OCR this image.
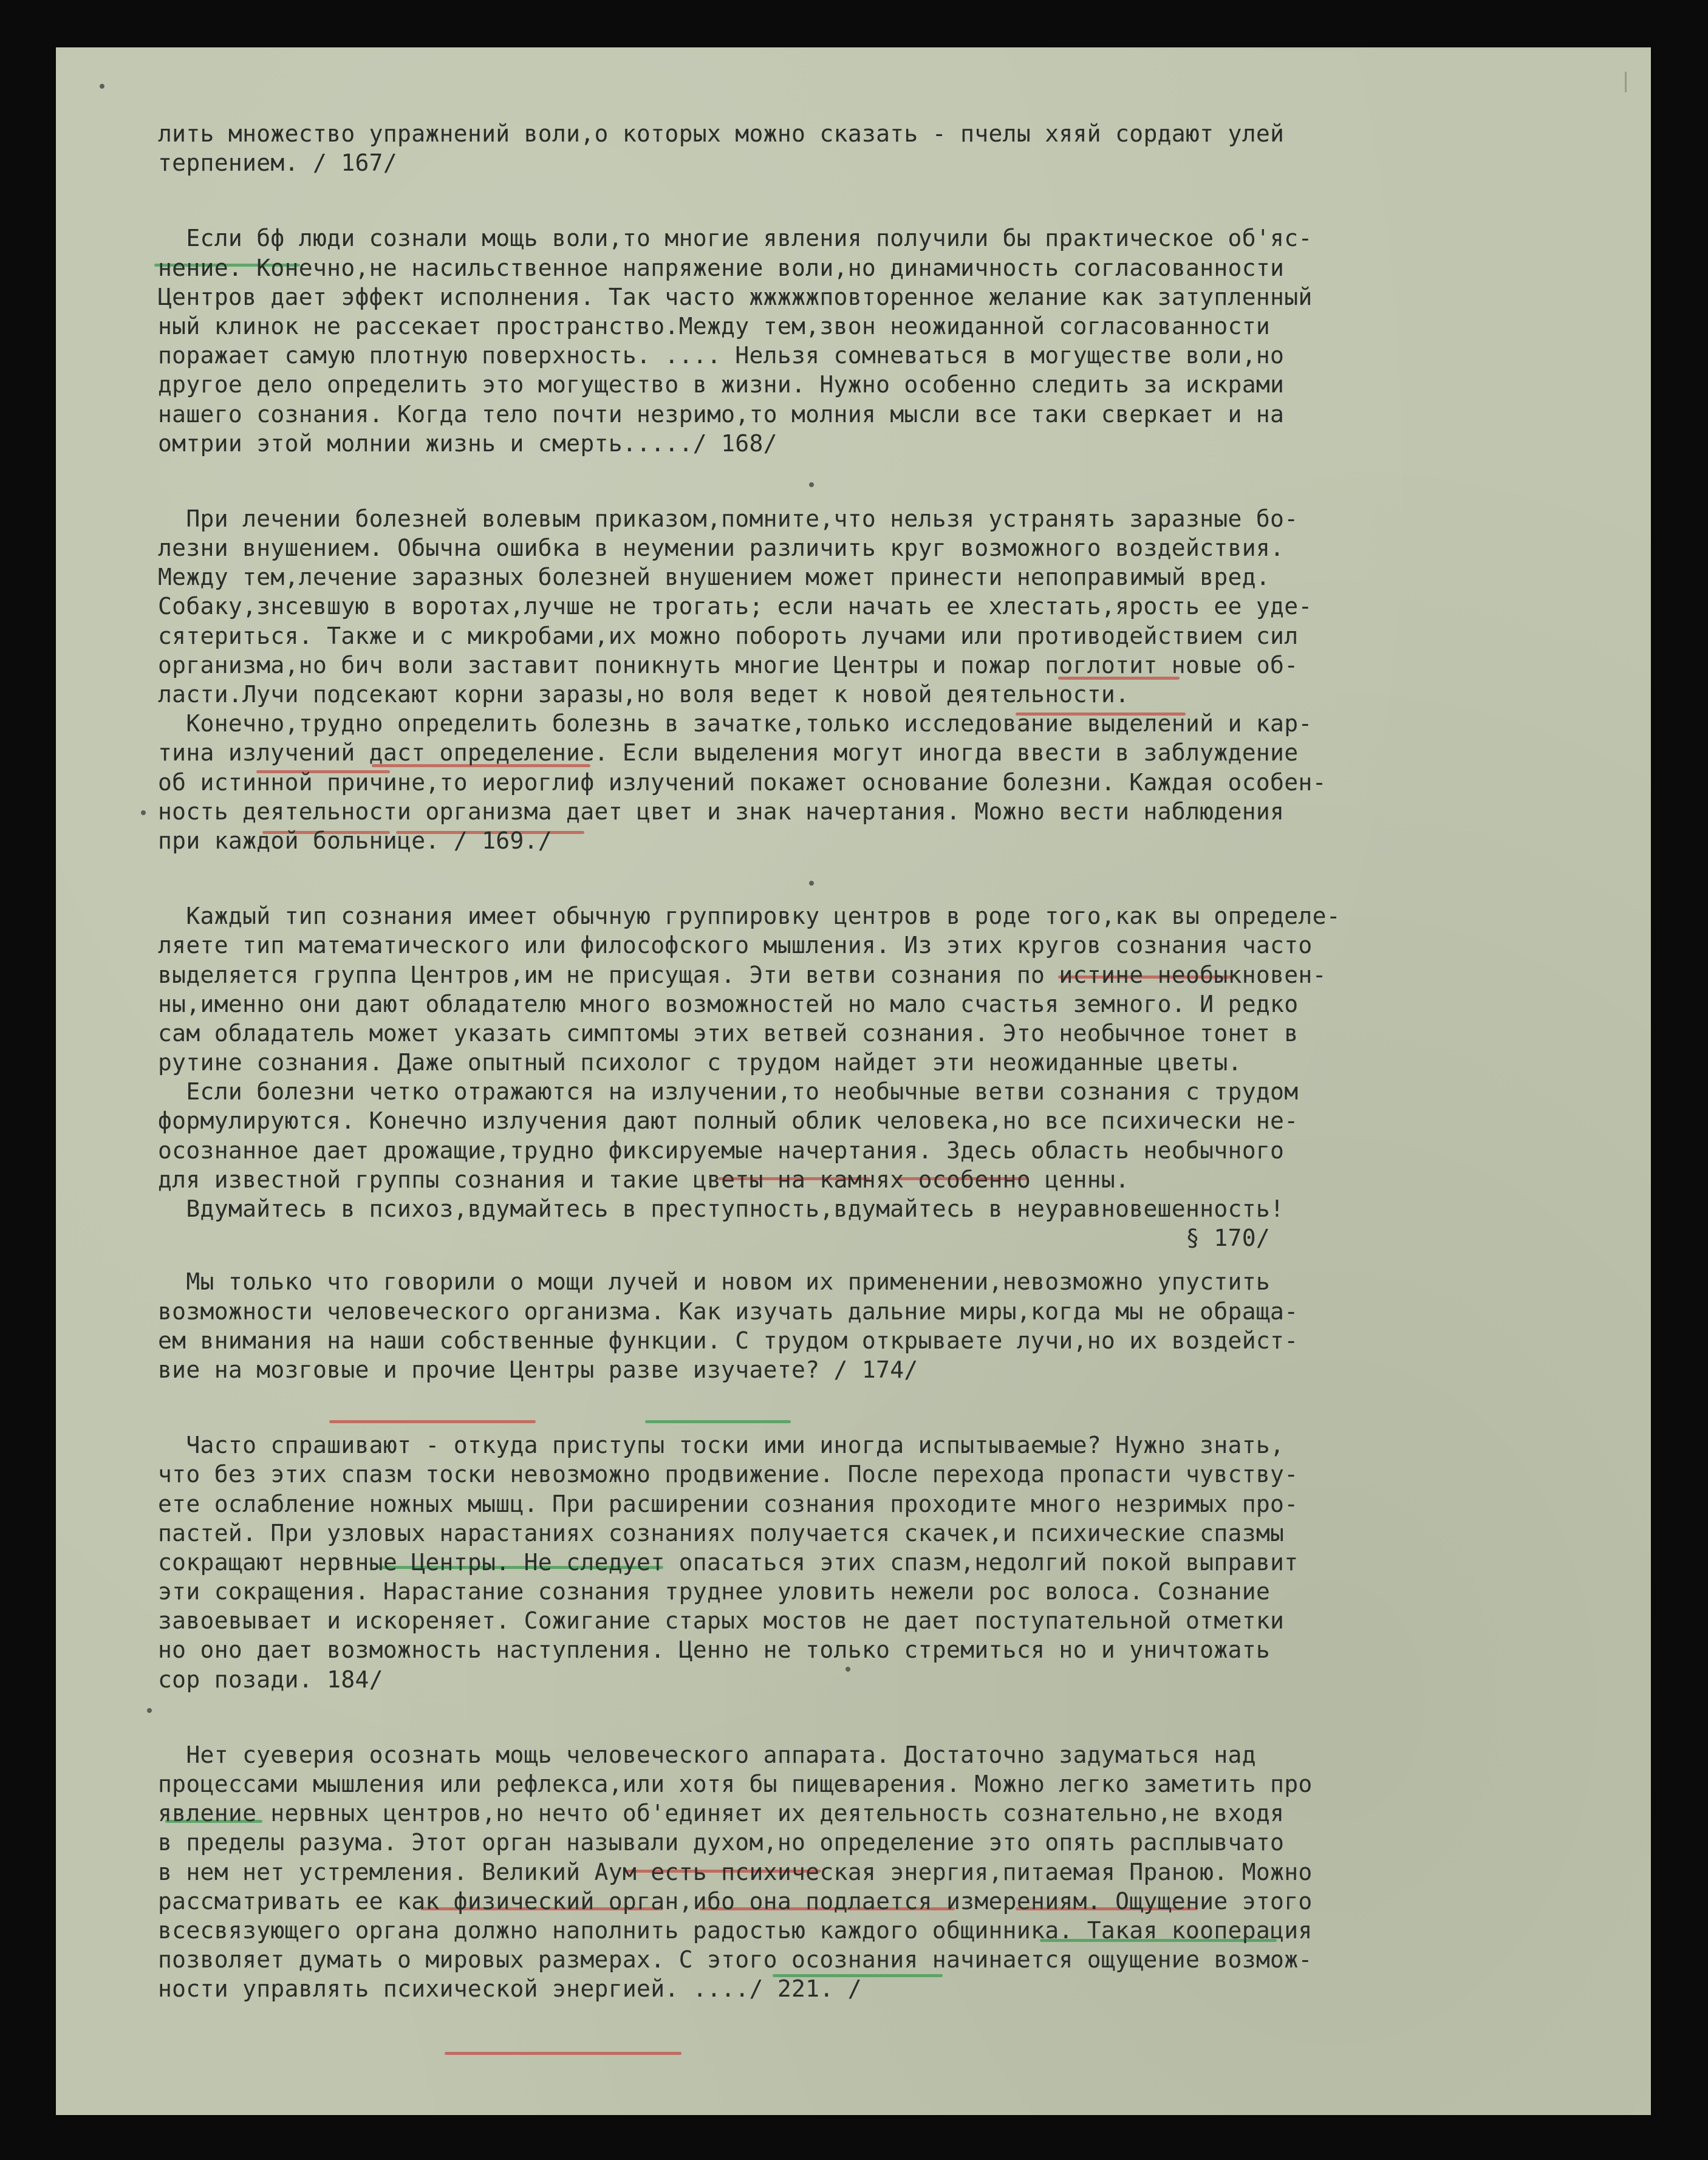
лить множество упражнений воли,о которых можно сказать - пчелы хяяй сордают улей
терпением. / 167/
Если бф люди сознали мощь воли,то многие явления получили бы практическое об'яс-
нение. Конечно,не насильственное напряжение воли,но динамичность согласованности
Центров дает эффект исполнения. Так часто жжжжжповторенное желание как затупленный
ный клинок не рассекает пространство.Между тем,звон неожиданной согласованности
поражает самую плотную поверхность. .... Нельзя сомневаться в могуществе воли,но
другое дело определить это могущество в жизни. Нужно особенно следить за искрами
нашего сознания. Когда тело почти незримо,то молния мысли все таки сверкает и на
омтрии этой молнии жизнь и смерть...../ 168/
При лечении болезней волевым приказом,помните,что нельзя устранять заразные бо-
лезни внушением. Обычна ошибка в неумении различить круг возможного воздействия.
Между тем,лечение заразных болезней внушением может принести непоправимый вред.
Собаку,знсевшую в воротах,лучше не трогать; если начать ее хлестать,ярость ее уде-
сятериться. Также и с микробами,их можно побороть лучами или противодействием сил
организма,но бич воли заставит поникнуть многие Центры и пожар поглотит новые об-
ласти.Лучи подсекают корни заразы,но воля ведет к новой деятельности.
Конечно,трудно определить болезнь в зачатке,только исследование выделений и кар-
тина излучений даст определение. Если выделения могут иногда ввести в заблуждение
об истинной причине,то иероглиф излучений покажет основание болезни. Каждая особен-
ность деятельности организма дает цвет и знак начертания. Можно вести наблюдения
при каждой больнице. / 169./
Каждый тип сознания имеет обычную группировку центров в роде того,как вы определе-
ляете тип математического или философского мышления. Из этих кругов сознания часто
выделяется группа Центров,им не присущая. Эти ветви сознания по истине необыкновен-
ны,именно они дают обладателю много возможностей но мало счастья земного. И редко
сам обладатель может указать симптомы этих ветвей сознания. Это необычное тонет в
рутине сознания. Даже опытный психолог с трудом найдет эти неожиданные цветы.
Если болезни четко отражаются на излучении,то необычные ветви сознания с трудом
формулируются. Конечно излучения дают полный облик человека,но все психически не-
осознанное дает дрожащие,трудно фиксируемые начертания. Здесь область необычного
для известной группы сознания и такие цветы на камнях особенно ценны.
Вдумайтесь в психоз,вдумайтесь в преступность,вдумайтесь в неуравновешенность!
§ 170/
Мы только что говорили о мощи лучей и новом их применении,невозможно упустить
возможности человеческого организма. Как изучать дальние миры,когда мы не обраща-
ем внимания на наши собственные функции. С трудом открываете лучи,но их воздейст-
вие на мозговые и прочие Центры разве изучаете? / 174/
Часто спрашивают - откуда приступы тоски ими иногда испытываемые? Нужно знать,
что без этих спазм тоски невозможно продвижение. После перехода пропасти чувству-
ете ослабление ножных мышц. При расширении сознания проходите много незримых про-
пастей. При узловых нарастаниях сознаниях получается скачек,и психические спазмы
сокращают нервные Центры. Не следует опасаться этих спазм,недолгий покой выправит
эти сокращения. Нарастание сознания труднее уловить нежели рос волоса. Сознание
завоевывает и искореняет. Сожигание старых мостов не дает поступательной отметки
но оно дает возможность наступления. Ценно не только стремиться но и уничтожать
сор позади. 184/
Нет суеверия осознать мощь человеческого аппарата. Достаточно задуматься над
процессами мышления или рефлекса,или хотя бы пищеварения. Можно легко заметить про
явление нервных центров,но нечто об'единяет их деятельность сознательно,не входя
в пределы разума. Этот орган называли духом,но определение это опять расплывчато
в нем нет устремления. Великий Аум есть психическая энергия,питаемая Праною. Можно
рассматривать ее как физический орган,ибо она подлается измерениям. Ощущение этого
всесвязующего органа должно наполнить радостью каждого общинника. Такая кооперация
позволяет думать о мировых размерах. С этого осознания начинается ощущение возмож-
ности управлять психической энергией. ..../ 221. /
